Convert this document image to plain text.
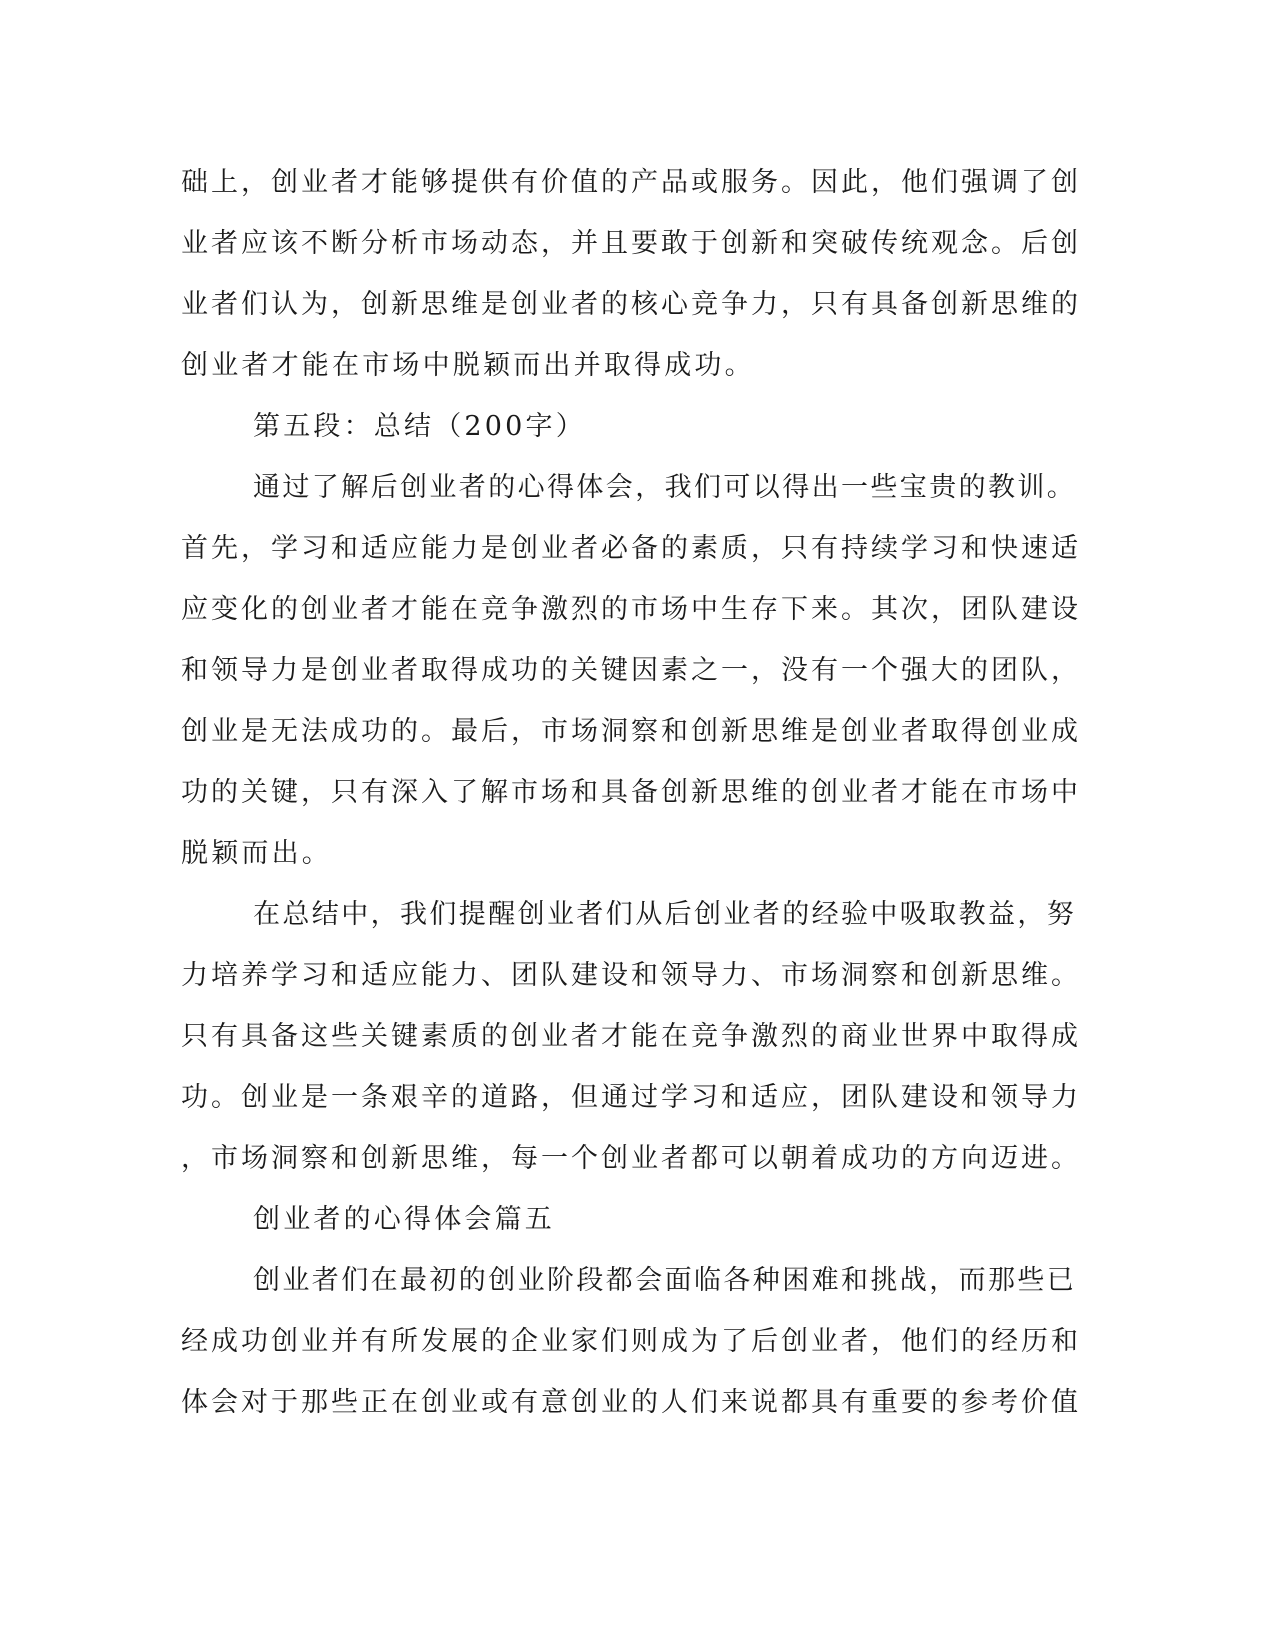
础上，创业者才能够提供有价值的产品或服务。因此，他们强调了创
业者应该不断分析市场动态，并且要敢于创新和突破传统观念。后创
业者们认为，创新思维是创业者的核心竞争力，只有具备创新思维的
创业者才能在市场中脱颖而出并取得成功。
第五段：总结（200字）
通过了解后创业者的心得体会，我们可以得出一些宝贵的教训。
首先，学习和适应能力是创业者必备的素质，只有持续学习和快速适
应变化的创业者才能在竞争激烈的市场中生存下来。其次，团队建设
和领导力是创业者取得成功的关键因素之一，没有一个强大的团队，
创业是无法成功的。最后，市场洞察和创新思维是创业者取得创业成
功的关键，只有深入了解市场和具备创新思维的创业者才能在市场中
脱颖而出。
在总结中，我们提醒创业者们从后创业者的经验中吸取教益，努
力培养学习和适应能力、团队建设和领导力、市场洞察和创新思维。
只有具备这些关键素质的创业者才能在竞争激烈的商业世界中取得成
功。创业是一条艰辛的道路，但通过学习和适应，团队建设和领导力
，市场洞察和创新思维，每一个创业者都可以朝着成功的方向迈进。
创业者的心得体会篇五
创业者们在最初的创业阶段都会面临各种困难和挑战，而那些已
经成功创业并有所发展的企业家们则成为了后创业者，他们的经历和
体会对于那些正在创业或有意创业的人们来说都具有重要的参考价值
